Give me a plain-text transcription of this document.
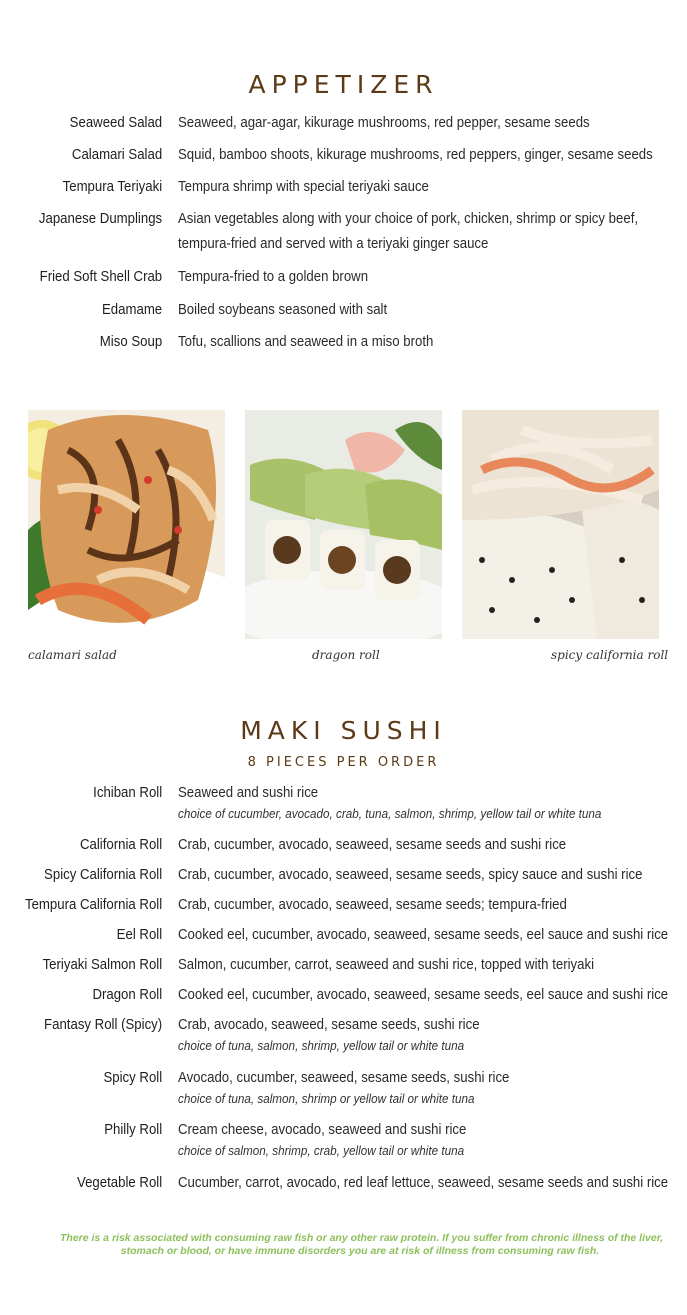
APPETIZER
Seaweed Salad	Seaweed, agar-agar, kikurage mushrooms, red pepper, sesame seeds
Calamari Salad	Squid, bamboo shoots, kikurage mushrooms, red peppers, ginger, sesame seeds
Tempura Teriyaki	Tempura shrimp with special teriyaki sauce
Japanese Dumplings	Asian vegetables along with your choice of pork, chicken, shrimp or spicy beef,
tempura-fried and served with a teriyaki ginger sauce
Fried Soft Shell Crab	Tempura-fried to a golden brown
Edamame	Boiled soybeans seasoned with salt
Miso Soup	Tofu, scallions and seaweed in a miso broth
calamari salad	dragon roll	spicy california roll
MAKI SUSHI
8 PIECES PER ORDER
Ichiban Roll	Seaweed and sushi rice
choice of cucumber, avocado, crab, tuna, salmon, shrimp, yellow tail or white tuna
California Roll	Crab, cucumber, avocado, seaweed, sesame seeds and sushi rice
Spicy California Roll	Crab, cucumber, avocado, seaweed, sesame seeds, spicy sauce and sushi rice
Tempura California Roll	Crab, cucumber, avocado, seaweed, sesame seeds; tempura-fried
Eel Roll	Cooked eel, cucumber, avocado, seaweed, sesame seeds, eel sauce and sushi rice
Teriyaki Salmon Roll	Salmon, cucumber, carrot, seaweed and sushi rice, topped with teriyaki
Dragon Roll	Cooked eel, cucumber, avocado, seaweed, sesame seeds, eel sauce and sushi rice
Fantasy Roll (Spicy)	Crab, avocado, seaweed, sesame seeds, sushi rice
choice of tuna, salmon, shrimp, yellow tail or white tuna
Spicy Roll	Avocado, cucumber, seaweed, sesame seeds, sushi rice
choice of tuna, salmon, shrimp or yellow tail or white tuna
Philly Roll	Cream cheese, avocado, seaweed and sushi rice
choice of salmon, shrimp, crab, yellow tail or white tuna
Vegetable Roll	Cucumber, carrot, avocado, red leaf lettuce, seaweed, sesame seeds and sushi rice
There is a risk associated with consuming raw fish or any other raw protein. If you suffer from chronic illness of the liver,
stomach or blood, or have immune disorders you are at risk of illness from consuming raw fish.
